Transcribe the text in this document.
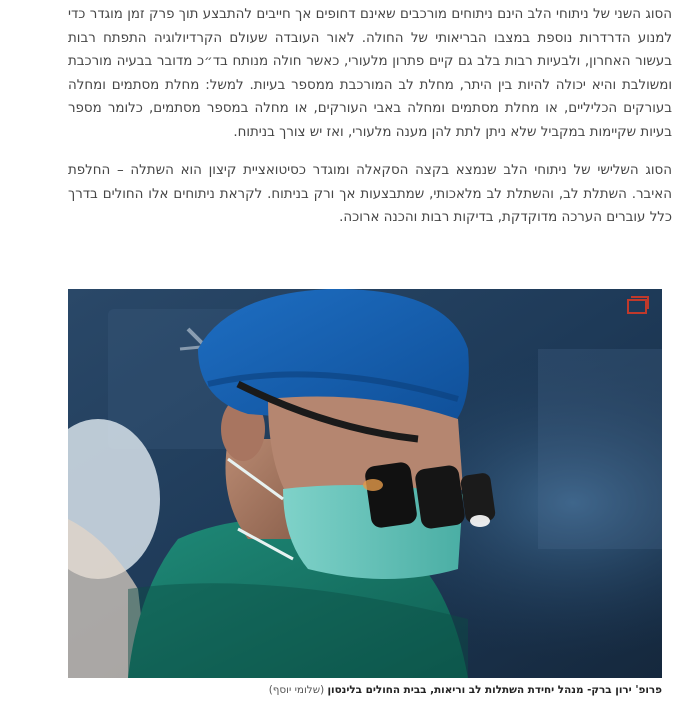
הסוג השני של ניתוחי הלב הינם ניתוחים מורכבים שאינם דחופים אך חייבים להתבצע תוך פרק זמן מוגדר כדי למנוע הדרדרות נוספת במצבו הבריאותי של החולה. לאור העובדה שעולם הקרדיולוגיה התפתח רבות בעשור האחרון, ולבעיות רבות בלב גם קיים פתרון מלעורי, כאשר חולה מנותח בד״כ מדובר בבעיה מורכבת ומשולבת והיא יכולה להיות בין היתר, מחלת לב המורכבת ממספר בעיות. למשל: מחלת מסתמים ומחלה בעורקים הכליליים, או מחלת מסתמים ומחלה באבי העורקים, או מחלה במספר מסתמים, כלומר מספר בעיות שקיימות במקביל שלא ניתן לתת להן מענה מלעורי, ואז יש צורך בניתוח.

הסוג השלישי של ניתוחי הלב שנמצא בקצה הסקאלה ומוגדר כסיטואציית קיצון הוא השתלה – החלפת האיבר. השתלת לב, והשתלת לב מלאכותי, שמתבצעות אך ורק בניתוח. לקראת ניתוחים אלו החולים בדרך כלל עוברים הערכה מדוקדקת, בדיקות רבות והכנה ארוכה.

פרופ' ירון ברק- מנהל יחידת השתלות לב וריאות, בבית החולים בלינסון (שלומי יוסף)
